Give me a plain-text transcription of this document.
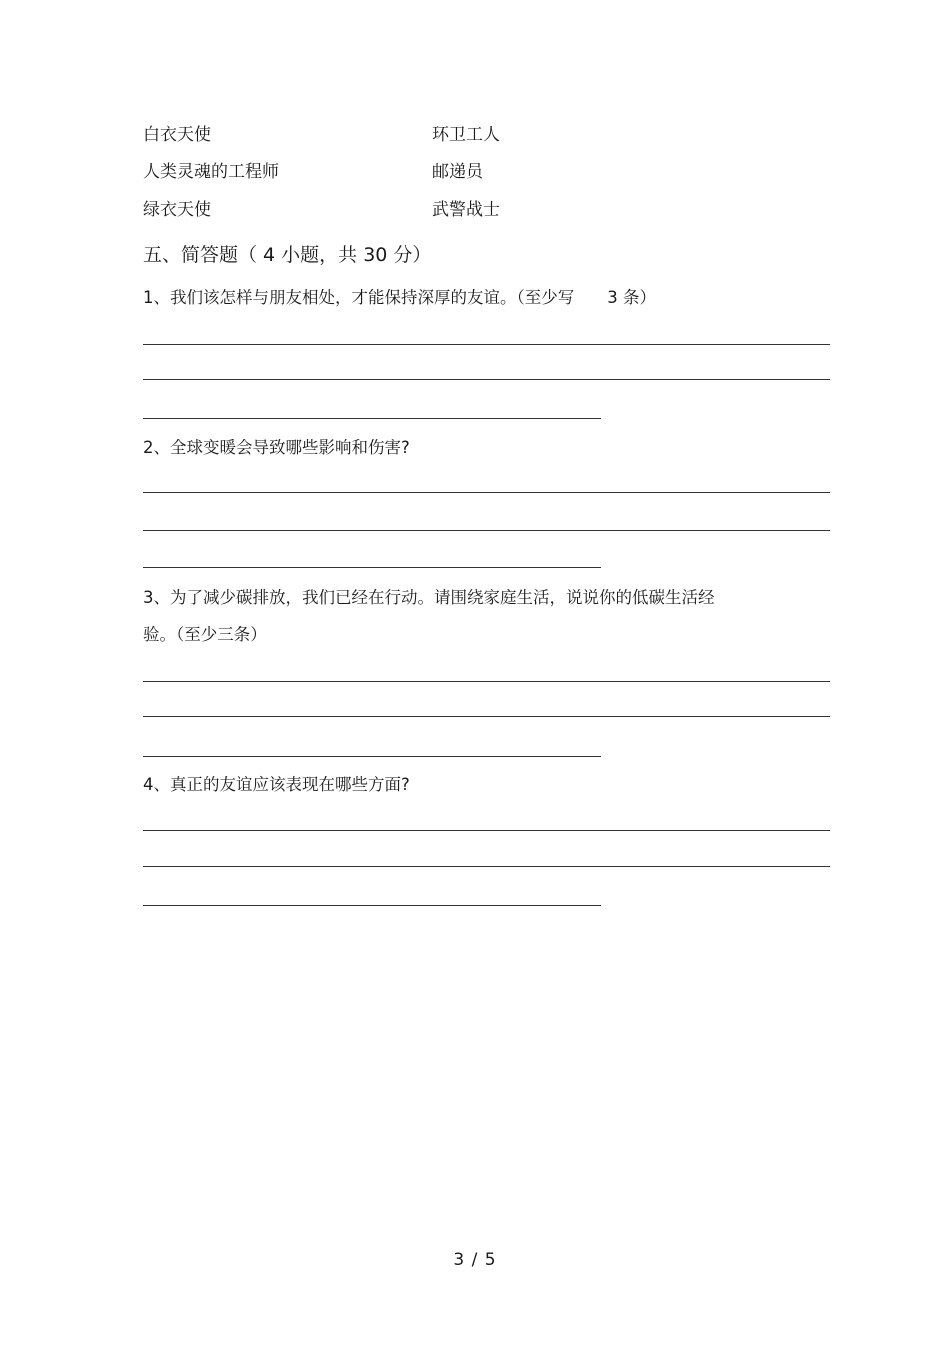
白衣天使	环卫工人
人类灵魂的工程师	邮递员
绿衣天使	武警战士
五、简答题（ 4 小题，共 30 分）
1、我们该怎样与朋友相处，才能保持深厚的友谊。（至少写　　3 条）
2、全球变暖会导致哪些影响和伤害?
3、为了减少碳排放，我们已经在行动。请围绕家庭生活，说说你的低碳生活经
验。（至少三条）
4、真正的友谊应该表现在哪些方面?
3 / 5
